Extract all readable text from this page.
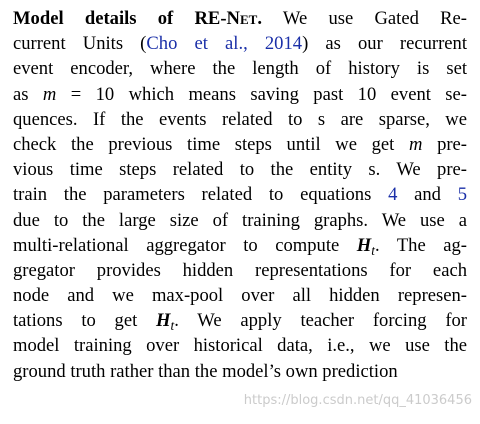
Model details of RE-Net. We use Gated Re-
current Units (Cho et al., 2014) as our recurrent
event encoder, where the length of history is set
as m = 10 which means saving past 10 event se-
quences. If the events related to s are sparse, we
check the previous time steps until we get m pre-
vious time steps related to the entity s. We pre-
train the parameters related to equations 4 and 5
due to the large size of training graphs. We use a
multi-relational aggregator to compute $H_t$. The ag-
gregator provides hidden representations for each
node and we max-pool over all hidden represen-
tations to get $H_t$. We apply teacher forcing for
model training over historical data, i.e., we use the
ground truth rather than the model’s own prediction
https://blog.csdn.net/qq_41036456
